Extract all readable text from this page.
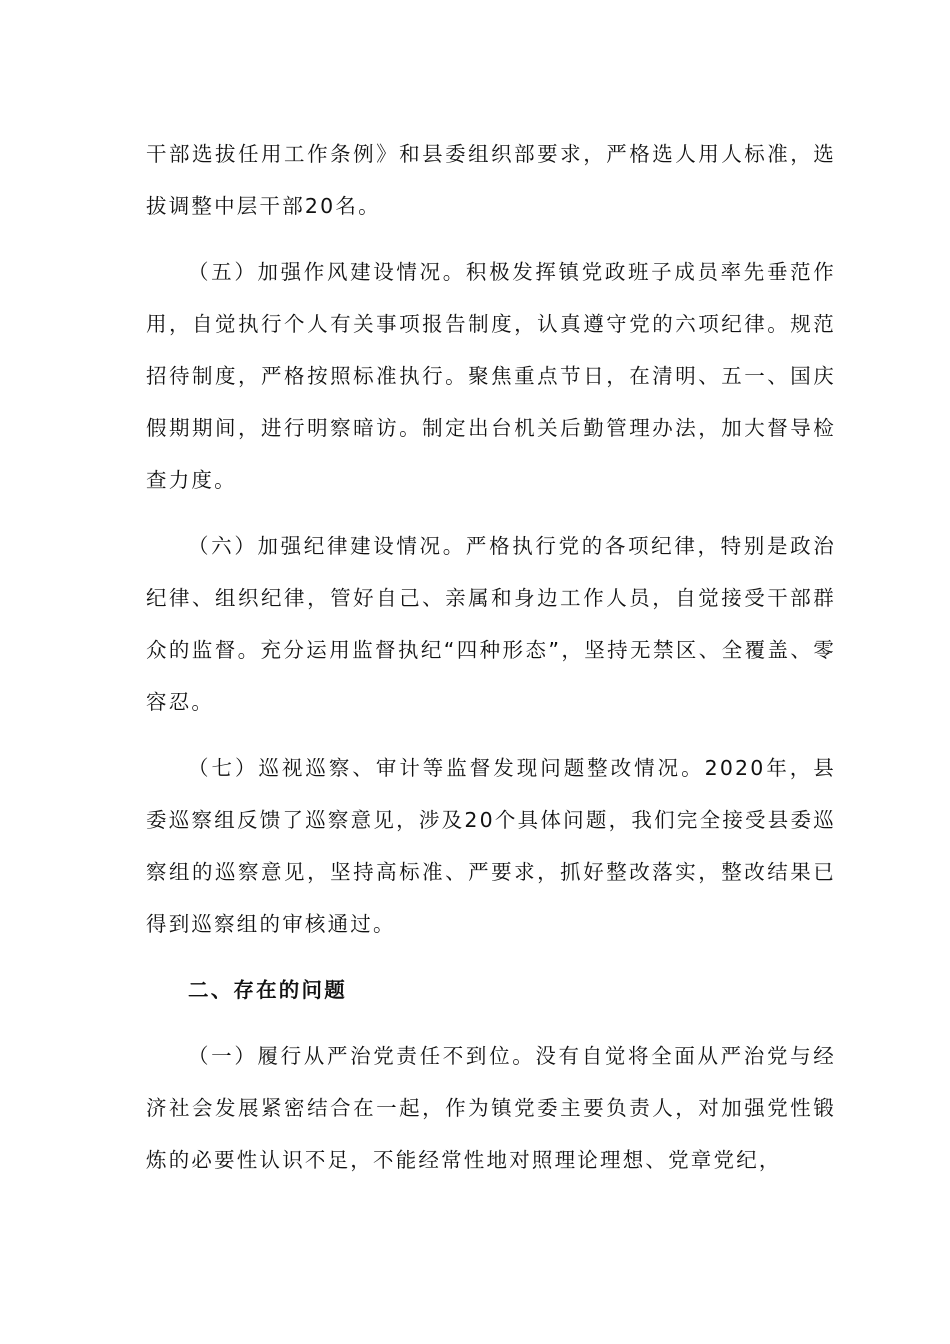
干部选拔任用工作条例》和县委组织部要求，严格选人用人标准，选拔调整中层干部20名。

（五）加强作风建设情况。积极发挥镇党政班子成员率先垂范作用，自觉执行个人有关事项报告制度，认真遵守党的六项纪律。规范招待制度，严格按照标准执行。聚焦重点节日，在清明、五一、国庆假期期间，进行明察暗访。制定出台机关后勤管理办法，加大督导检查力度。

（六）加强纪律建设情况。严格执行党的各项纪律，特别是政治纪律、组织纪律，管好自己、亲属和身边工作人员，自觉接受干部群众的监督。充分运用监督执纪“四种形态”，坚持无禁区、全覆盖、零容忍。

（七）巡视巡察、审计等监督发现问题整改情况。2020年，县委巡察组反馈了巡察意见，涉及20个具体问题，我们完全接受县委巡察组的巡察意见，坚持高标准、严要求，抓好整改落实，整改结果已得到巡察组的审核通过。

二、存在的问题

（一）履行从严治党责任不到位。没有自觉将全面从严治党与经济社会发展紧密结合在一起，作为镇党委主要负责人，对加强党性锻炼的必要性认识不足，不能经常性地对照理论理想、党章党纪，
